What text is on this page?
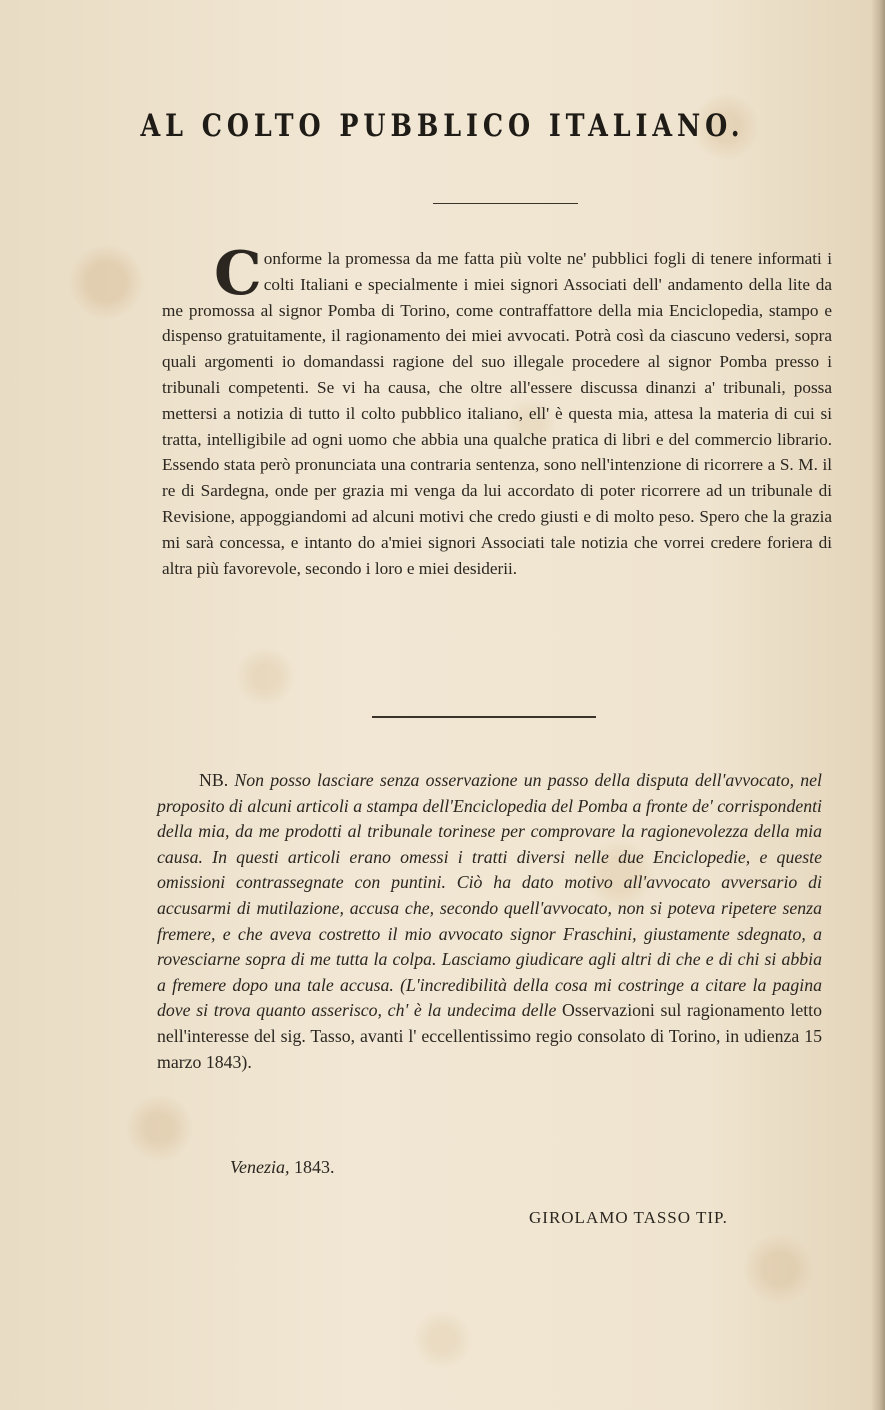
AL COLTO PUBBLICO ITALIANO.
Conforme la promessa da me fatta più volte ne' pubblici fogli di tenere informati i colti Italiani e specialmente i miei signori Associati dell' andamento della lite da me promossa al signor Pomba di Torino, come contraffattore della mia Enciclopedia, stampo e dispenso gratuitamente, il ragionamento dei miei avvocati. Potrà così da ciascuno vedersi, sopra quali argomenti io domandassi ragione del suo illegale procedere al signor Pomba presso i tribunali competenti. Se vi ha causa, che oltre all'essere discussa dinanzi a' tribunali, possa mettersi a notizia di tutto il colto pubblico italiano, ell' è questa mia, attesa la materia di cui si tratta, intelligibile ad ogni uomo che abbia una qualche pratica di libri e del commercio librario. Essendo stata però pronunciata una contraria sentenza, sono nell'intenzione di ricorrere a S. M. il re di Sardegna, onde per grazia mi venga da lui accordato di poter ricorrere ad un tribunale di Revisione, appoggiandomi ad alcuni motivi che credo giusti e di molto peso. Spero che la grazia mi sarà concessa, e intanto do a'miei signori Associati tale notizia che vorrei credere foriera di altra più favorevole, secondo i loro e miei desiderii.
NB. Non posso lasciare senza osservazione un passo della disputa dell'avvocato, nel proposito di alcuni articoli a stampa dell'Enciclopedia del Pomba a fronte de' corrispondenti della mia, da me prodotti al tribunale torinese per comprovare la ragionevolezza della mia causa. In questi articoli erano omessi i tratti diversi nelle due Enciclopedie, e queste omissioni contrassegnate con puntini. Ciò ha dato motivo all'avvocato avversario di accusarmi di mutilazione, accusa che, secondo quell'avvocato, non si poteva ripetere senza fremere, e che aveva costretto il mio avvocato signor Fraschini, giustamente sdegnato, a rovesciarne sopra di me tutta la colpa. Lasciamo giudicare agli altri di che e di chi si abbia a fremere dopo una tale accusa. (L'incredibilità della cosa mi costringe a citare la pagina dove si trova quanto asserisco, ch' è la undecima delle Osservazioni sul ragionamento letto nell'interesse del sig. Tasso, avanti l' eccellentissimo regio consolato di Torino, in udienza 15 marzo 1843).
Venezia, 1843.
GIROLAMO TASSO TIP.
